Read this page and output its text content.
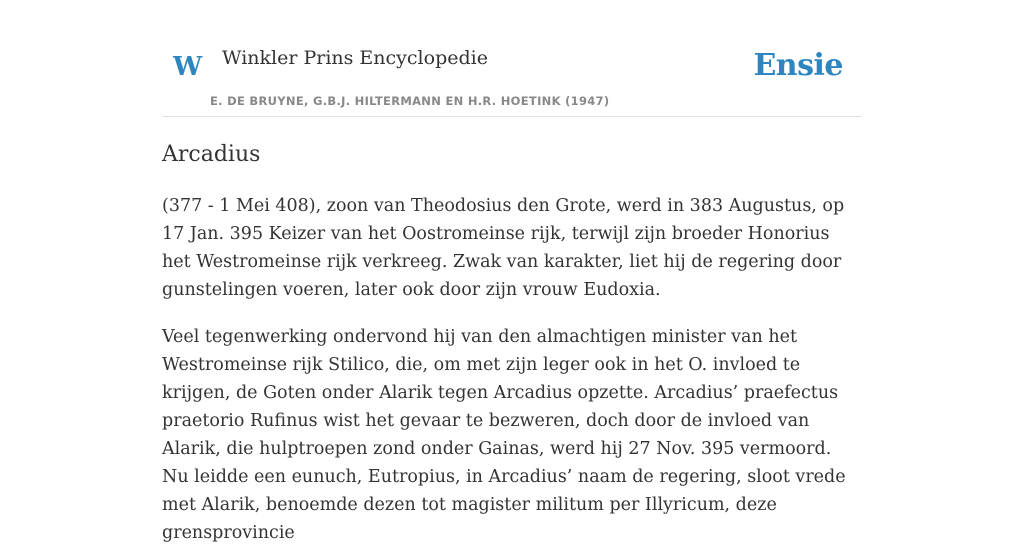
W Winkler Prins Encyclopedie
E. DE BRUYNE, G.B.J. HILTERMANN EN H.R. HOETINK (1947)
Ensie
Arcadius

(377 - 1 Mei 408), zoon van Theodosius den Grote, werd in 383 Augustus, op 17 Jan. 395 Keizer van het Oostromeinse rijk, terwijl zijn broeder Honorius het Westromeinse rijk verkreeg. Zwak van karakter, liet hij de regering door gunstelingen voeren, later ook door zijn vrouw Eudoxia.

Veel tegenwerking ondervond hij van den almachtigen minister van het Westromeinse rijk Stilico, die, om met zijn leger ook in het O. invloed te krijgen, de Goten onder Alarik tegen Arcadius opzette. Arcadius’ praefectus praetorio Rufinus wist het gevaar te bezweren, doch door de invloed van Alarik, die hulptroepen zond onder Gainas, werd hij 27 Nov. 395 vermoord. Nu leidde een eunuch, Eutropius, in Arcadius’ naam de regering, sloot vrede met Alarik, benoemde dezen tot magister militum per Illyricum, deze grensprovincie
